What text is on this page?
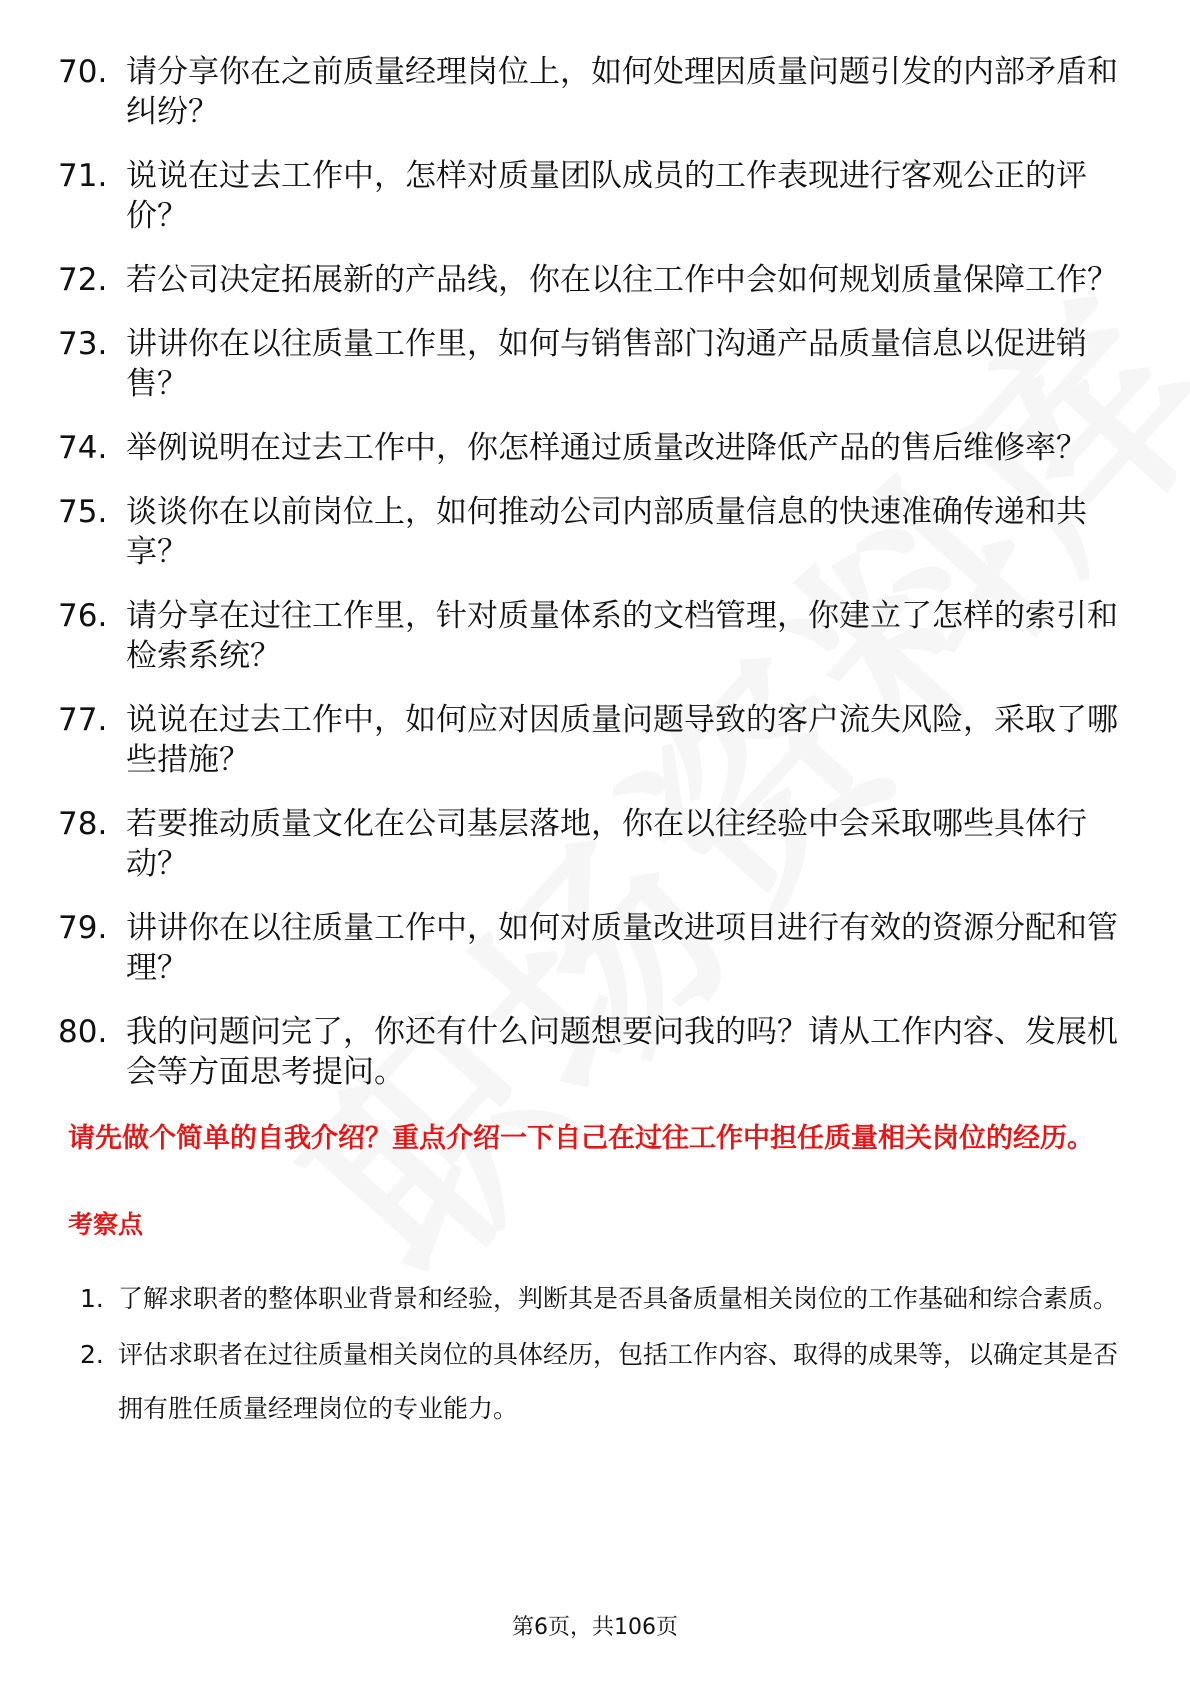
70. 请分享你在之前质量经理岗位上，如何处理因质量问题引发的内部矛盾和纠纷？
71. 说说在过去工作中，怎样对质量团队成员的工作表现进行客观公正的评价？
72. 若公司决定拓展新的产品线，你在以往工作中会如何规划质量保障工作？
73. 讲讲你在以往质量工作里，如何与销售部门沟通产品质量信息以促进销售？
74. 举例说明在过去工作中，你怎样通过质量改进降低产品的售后维修率？
75. 谈谈你在以前岗位上，如何推动公司内部质量信息的快速准确传递和共享？
76. 请分享在过往工作里，针对质量体系的文档管理，你建立了怎样的索引和检索系统？
77. 说说在过去工作中，如何应对因质量问题导致的客户流失风险，采取了哪些措施？
78. 若要推动质量文化在公司基层落地，你在以往经验中会采取哪些具体行动？
79. 讲讲你在以往质量工作中，如何对质量改进项目进行有效的资源分配和管理？
80. 我的问题问完了，你还有什么问题想要问我的吗？请从工作内容、发展机会等方面思考提问。
请先做个简单的自我介绍？重点介绍一下自己在过往工作中担任质量相关岗位的经历。
考察点
1. 了解求职者的整体职业背景和经验，判断其是否具备质量相关岗位的工作基础和综合素质。
2. 评估求职者在过往质量相关岗位的具体经历，包括工作内容、取得的成果等，以确定其是否拥有胜任质量经理岗位的专业能力。
第6页，共106页
